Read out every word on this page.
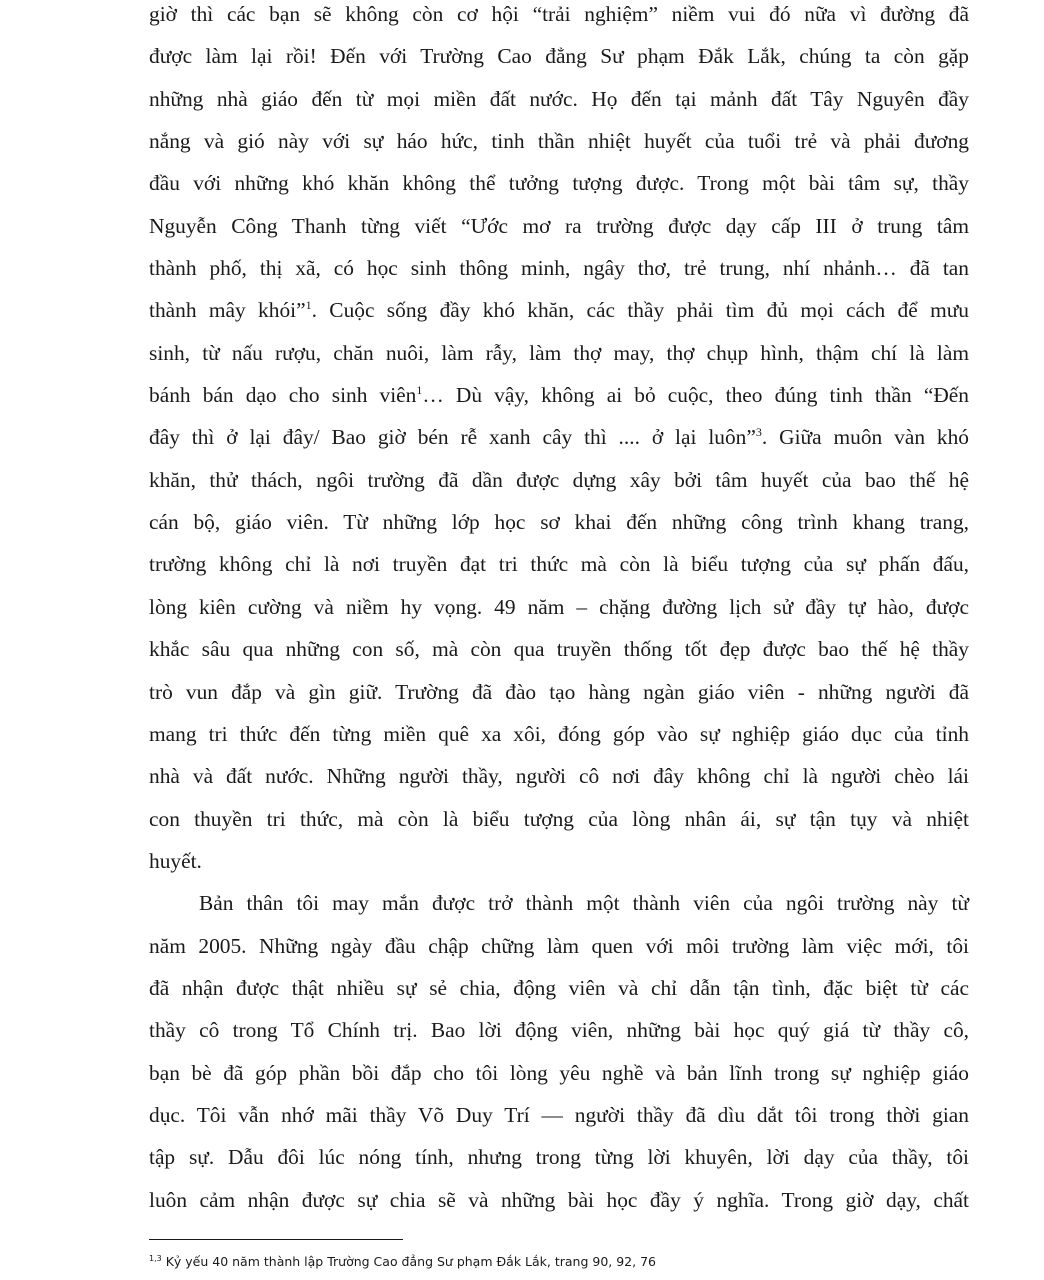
giờ thì các bạn sẽ không còn cơ hội “trải nghiệm” niềm vui đó nữa vì đường đã
được làm lại rồi! Đến với Trường Cao đẳng Sư phạm Đắk Lắk, chúng ta còn gặp
những nhà giáo đến từ mọi miền đất nước. Họ đến tại mảnh đất Tây Nguyên đầy
nắng và gió này với sự háo hức, tinh thần nhiệt huyết của tuổi trẻ và phải đương
đầu với những khó khăn không thể tưởng tượng được. Trong một bài tâm sự, thầy
Nguyễn Công Thanh từng viết “Ước mơ ra trường được dạy cấp III ở trung tâm
thành phố, thị xã, có học sinh thông minh, ngây thơ, trẻ trung, nhí nhảnh… đã tan
thành mây khói”$^1$. Cuộc sống đầy khó khăn, các thầy phải tìm đủ mọi cách để mưu
sinh, từ nấu rượu, chăn nuôi, làm rẫy, làm thợ may, thợ chụp hình, thậm chí là làm
bánh bán dạo cho sinh viên$^1$… Dù vậy, không ai bỏ cuộc, theo đúng tinh thần “Đến
đây thì ở lại đây/ Bao giờ bén rễ xanh cây thì .... ở lại luôn”$^3$. Giữa muôn vàn khó
khăn, thử thách, ngôi trường đã dần được dựng xây bởi tâm huyết của bao thế hệ
cán bộ, giáo viên. Từ những lớp học sơ khai đến những công trình khang trang,
trường không chỉ là nơi truyền đạt tri thức mà còn là biểu tượng của sự phấn đấu,
lòng kiên cường và niềm hy vọng. 49 năm – chặng đường lịch sử đầy tự hào, được
khắc sâu qua những con số, mà còn qua truyền thống tốt đẹp được bao thế hệ thầy
trò vun đắp và gìn giữ. Trường đã đào tạo hàng ngàn giáo viên - những người đã
mang tri thức đến từng miền quê xa xôi, đóng góp vào sự nghiệp giáo dục của tỉnh
nhà và đất nước. Những người thầy, người cô nơi đây không chỉ là người chèo lái
con thuyền tri thức, mà còn là biểu tượng của lòng nhân ái, sự tận tụy và nhiệt
huyết.
Bản thân tôi may mắn được trở thành một thành viên của ngôi trường này từ
năm 2005. Những ngày đầu chập chững làm quen với môi trường làm việc mới, tôi
đã nhận được thật nhiều sự sẻ chia, động viên và chỉ dẫn tận tình, đặc biệt từ các
thầy cô trong Tổ Chính trị. Bao lời động viên, những bài học quý giá từ thầy cô,
bạn bè đã góp phần bồi đắp cho tôi lòng yêu nghề và bản lĩnh trong sự nghiệp giáo
dục. Tôi vẫn nhớ mãi thầy Võ Duy Trí — người thầy đã dìu dắt tôi trong thời gian
tập sự. Dẫu đôi lúc nóng tính, nhưng trong từng lời khuyên, lời dạy của thầy, tôi
luôn cảm nhận được sự chia sẽ và những bài học đầy ý nghĩa. Trong giờ dạy, chất
$^{1,3}$ Kỷ yếu 40 năm thành lập Trường Cao đẳng Sư phạm Đắk Lắk, trang 90, 92, 76
